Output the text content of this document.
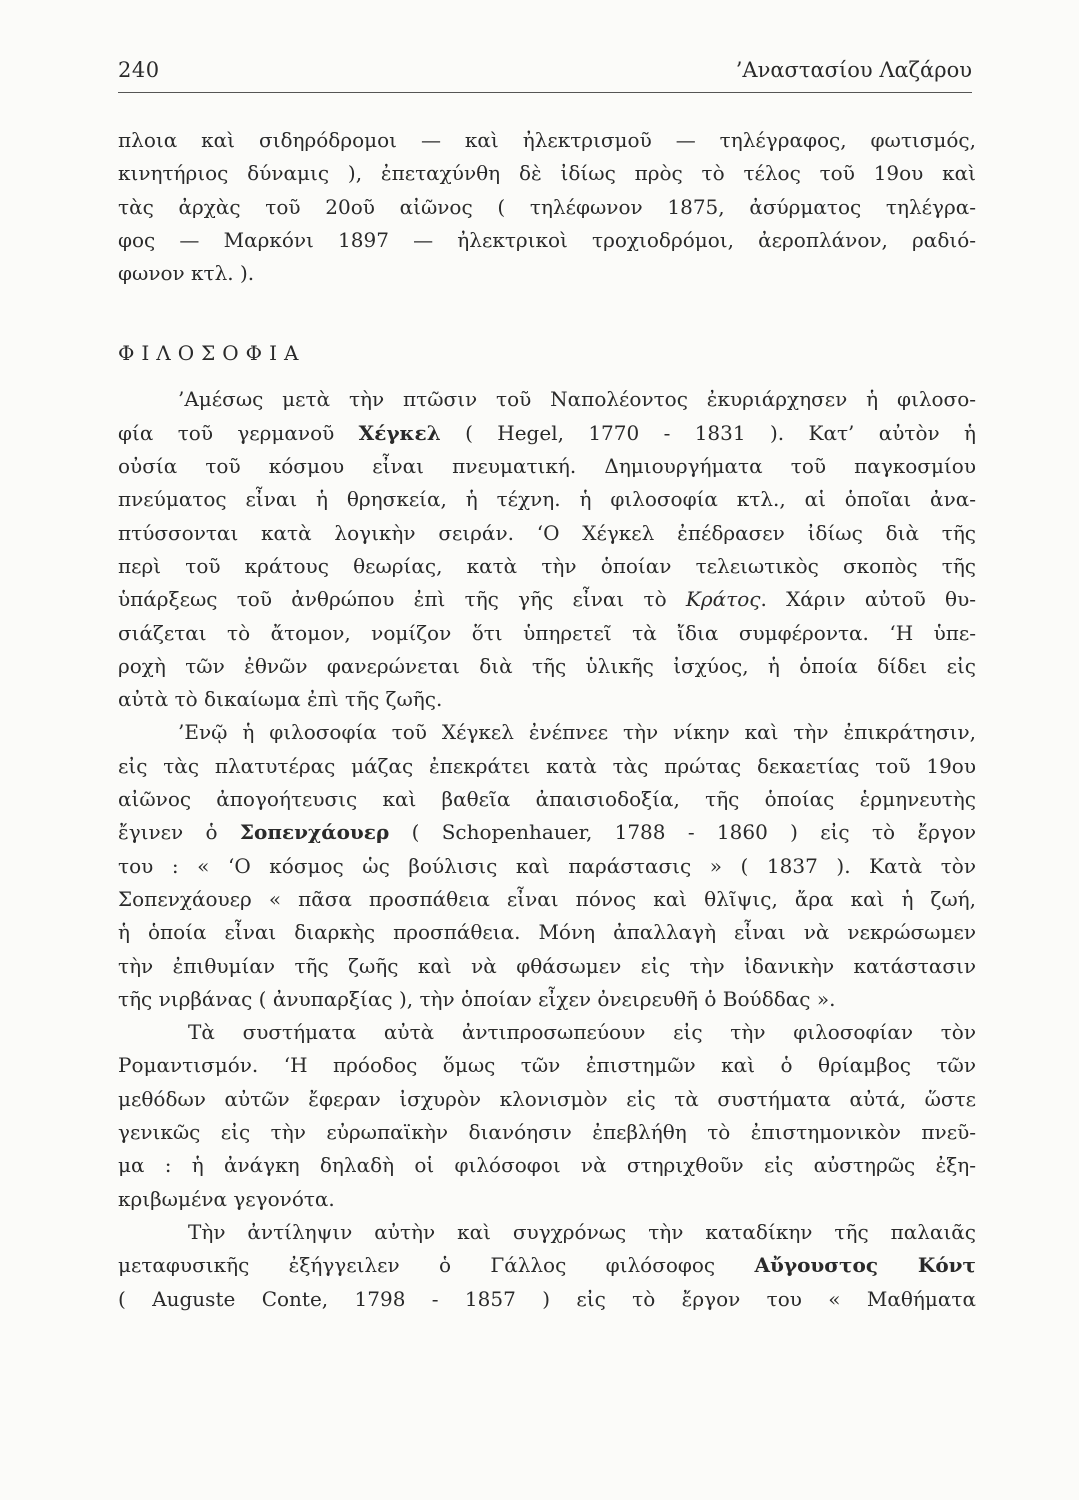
240	’Αναστασίου Λαζάρου
πλοια καὶ σιδηρόδρομοι — καὶ ἠλεκτρισμοῦ — τηλέγραφος, φωτισμός,
κινητήριος δύναμις ), ἐπεταχύνθη δὲ ἰδίως πρὸς τὸ τέλος τοῦ 19ου καὶ
τὰς ἀρχὰς τοῦ 20οῦ αἰῶνος ( τηλέφωνον 1875, ἀσύρματος τηλέγρα-
φος — Μαρκόνι 1897 — ἠλεκτρικοὶ τροχιοδρόμοι, ἀεροπλάνον, ραδιό-
φωνον κτλ. ).
ΦΙΛΟΣΟΦΙΑ
’Αμέσως μετὰ τὴν πτῶσιν τοῦ Ναπολέοντος ἐκυριάρχησεν ἡ φιλοσο-
φία τοῦ γερμανοῦ Χέγκελ ( Hegel, 1770 - 1831 ). Κατ’ αὐτὸν ἡ
οὐσία τοῦ κόσμου εἶναι πνευματική. Δημιουργήματα τοῦ παγκοσμίου
πνεύματος εἶναι ἡ θρησκεία, ἡ τέχνη. ἡ φιλοσοφία κτλ., αἱ ὁποῖαι ἀνα-
πτύσσονται κατὰ λογικὴν σειράν. ‘Ο Χέγκελ ἐπέδρασεν ἰδίως διὰ τῆς
περὶ τοῦ κράτους θεωρίας, κατὰ τὴν ὁποίαν τελειωτικὸς σκοπὸς τῆς
ὑπάρξεως τοῦ ἀνθρώπου ἐπὶ τῆς γῆς εἶναι τὸ Κράτος. Χάριν αὐτοῦ θυ-
σιάζεται τὸ ἄτομον, νομίζον ὅτι ὑπηρετεῖ τὰ ἴδια συμφέροντα. ‘Η ὑπε-
ροχὴ τῶν ἐθνῶν φανερώνεται διὰ τῆς ὑλικῆς ἰσχύος, ἡ ὁποία δίδει εἰς
αὐτὰ τὸ δικαίωμα ἐπὶ τῆς ζωῆς.
’Ενῷ ἡ φιλοσοφία τοῦ Χέγκελ ἐνέπνεε τὴν νίκην καὶ τὴν ἐπικράτησιν,
εἰς τὰς πλατυτέρας μάζας ἐπεκράτει κατὰ τὰς πρώτας δεκαετίας τοῦ 19ου
αἰῶνος ἀπογοήτευσις καὶ βαθεῖα ἀπαισιοδοξία, τῆς ὁποίας ἑρμηνευτὴς
ἔγινεν ὁ Σοπενχάουερ ( Schopenhauer, 1788 - 1860 ) εἰς τὸ ἔργον
του : « ‘Ο κόσμος ὡς βούλισις καὶ παράστασις » ( 1837 ). Κατὰ τὸν
Σοπενχάουερ « πᾶσα προσπάθεια εἶναι πόνος καὶ θλῖψις, ἄρα καὶ ἡ ζωή,
ἡ ὁποία εἶναι διαρκὴς προσπάθεια. Μόνη ἀπαλλαγὴ εἶναι νὰ νεκρώσωμεν
τὴν ἐπιθυμίαν τῆς ζωῆς καὶ νὰ φθάσωμεν εἰς τὴν ἰδανικὴν κατάστασιν
τῆς νιρβάνας ( ἀνυπαρξίας ), τὴν ὁποίαν εἶχεν ὀνειρευθῆ ὁ Βούδδας ».
Τὰ συστήματα αὐτὰ ἀντιπροσωπεύουν εἰς τὴν φιλοσοφίαν τὸν
Ρομαντισμόν. ‘Η πρόοδος ὅμως τῶν ἐπιστημῶν καὶ ὁ θρίαμβος τῶν
μεθόδων αὐτῶν ἔφεραν ἰσχυρὸν κλονισμὸν εἰς τὰ συστήματα αὐτά, ὥστε
γενικῶς εἰς τὴν εὐρωπαϊκὴν διανόησιν ἐπεβλήθη τὸ ἐπιστημονικὸν πνεῦ-
μα : ἡ ἀνάγκη δηλαδὴ οἱ φιλόσοφοι νὰ στηριχθοῦν εἰς αὐστηρῶς ἐξη-
κριβωμένα γεγονότα.
Τὴν ἀντίληψιν αὐτὴν καὶ συγχρόνως τὴν καταδίκην τῆς παλαιᾶς
μεταφυσικῆς ἐξήγγειλεν ὁ Γάλλος φιλόσοφος Αὔγουστος Κόντ
( Auguste Conte, 1798 - 1857 ) εἰς τὸ ἔργον του « Μαθήματα
